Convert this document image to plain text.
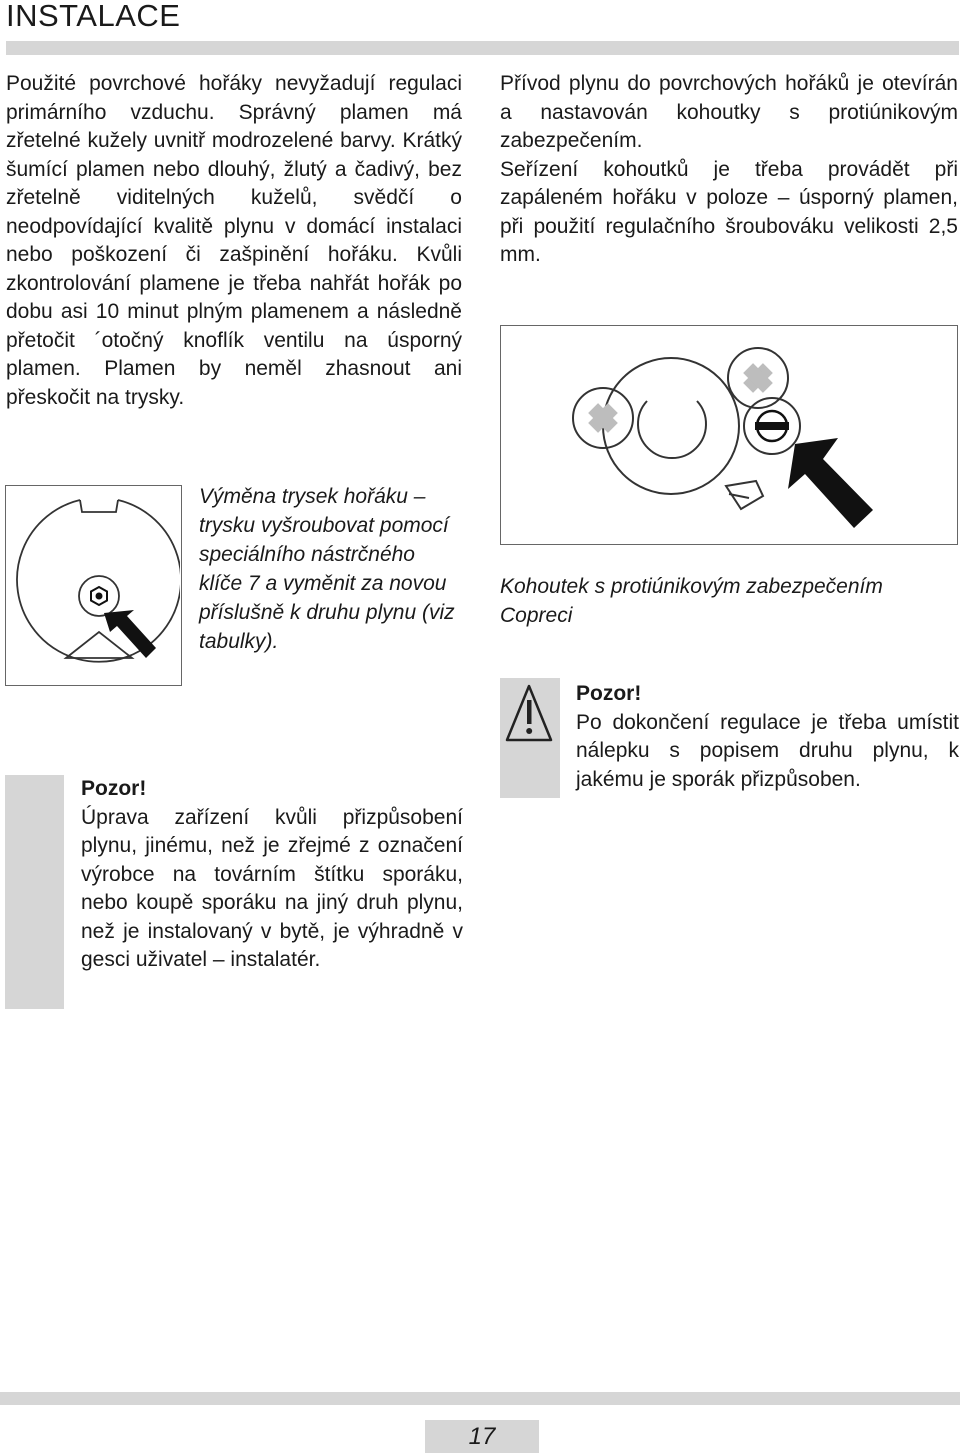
INSTALACE
Použité povrchové hořáky nevyžadují regulaci primárního vzduchu. Správný plamen má zřetelné kužely uvnitř modrozelené barvy. Krátký šumící plamen nebo dlouhý, žlutý a čadivý, bez zřetelně viditelných kuželů, svědčí o neodpovídající kvalitě plynu v domácí instalaci nebo poškození či zašpinění hořáku. Kvůli zkontrolování plamene je třeba nahřát hořák po dobu asi 10 minut plným plamenem a následně přetočit ´otočný knoflík ventilu na úsporný plamen. Plamen by neměl zhasnout ani přeskočit na trysky.

Přívod plynu do povrchových hořáků je otevírán a nastavován kohoutky s protiúnikovým zabezpečením.

Seřízení kohoutků je třeba provádět při zapáleném hořáku v poloze – úsporný plamen, při použití regulačního šroubováku velikosti 2,5 mm.

Kohoutek s protiúnikovým zabezpečením Copreci
Výměna trysek hořáku – trysku vyšroubovat pomocí speciálního nástrčného klíče 7 a vyměnit za novou příslušně k druhu plynu (viz tabulky).

Pozor!

Po dokončení regulace je třeba umístit nálepku s popisem druhu plynu, k jakému je sporák přizpůsoben.

Pozor!

Úprava zařízení kvůli přizpůsobení plynu, jinému, než je zřejmé z označení výrobce na továrním štítku sporáku, nebo koupě sporáku na jiný druh plynu, než je instalovaný v bytě, je výhradně v gesci uživatel – instalatér.

17
